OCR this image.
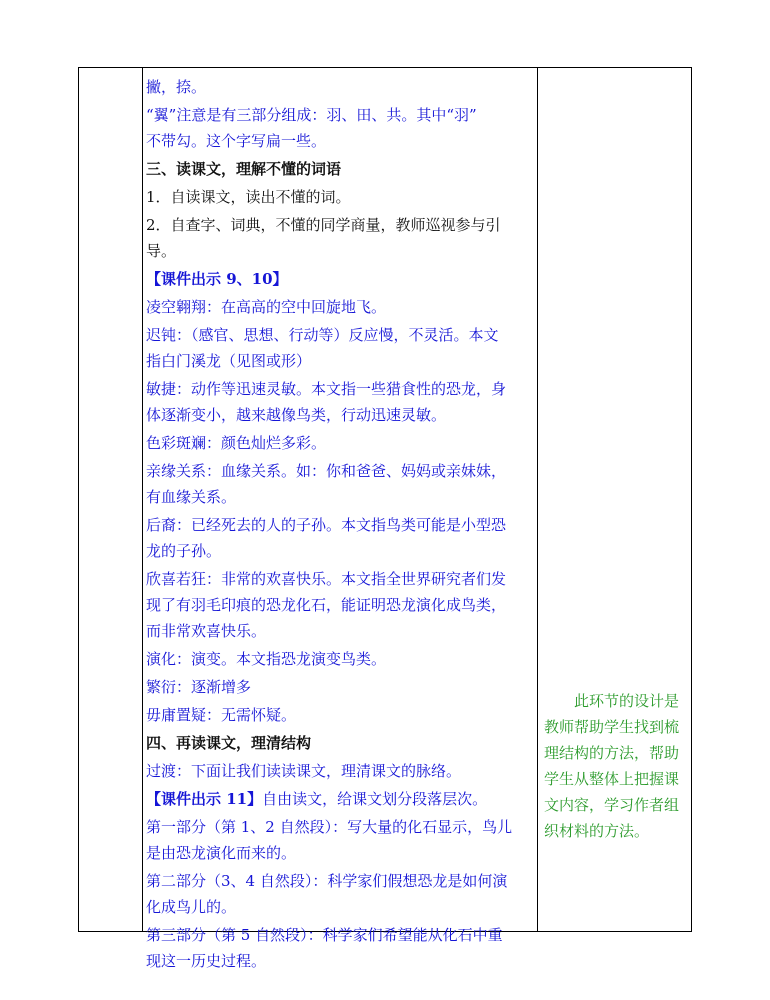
撇，捺。
“翼”注意是有三部分组成：羽、田、共。其中“羽”
不带勾。这个字写扁一些。
三、读课文，理解不懂的词语
1．自读课文，读出不懂的词。
2．自查字、词典，不懂的同学商量，教师巡视参与引
导。
【课件出示 9、10】
凌空翱翔：在高高的空中回旋地飞。
迟钝：（感官、思想、行动等）反应慢，不灵活。本文
指白门溪龙（见图或形）
敏捷：动作等迅速灵敏。本文指一些猎食性的恐龙，身
体逐渐变小，越来越像鸟类，行动迅速灵敏。
色彩斑斓：颜色灿烂多彩。
亲缘关系：血缘关系。如：你和爸爸、妈妈或亲妹妹，
有血缘关系。
后裔：已经死去的人的子孙。本文指鸟类可能是小型恐
龙的子孙。
欣喜若狂：非常的欢喜快乐。本文指全世界研究者们发
现了有羽毛印痕的恐龙化石，能证明恐龙演化成鸟类，
而非常欢喜快乐。
演化：演变。本文指恐龙演变鸟类。
繁衍：逐渐增多
毋庸置疑：无需怀疑。
四、再读课文，理清结构
过渡：下面让我们读读课文，理清课文的脉络。
【课件出示 11】自由读文，给课文划分段落层次。
第一部分（第 1、2 自然段）：写大量的化石显示，鸟儿
是由恐龙演化而来的。
第二部分（3、4 自然段）：科学家们假想恐龙是如何演
化成鸟儿的。
第三部分（第 5 自然段）：科学家们希望能从化石中重
现这一历史过程。
此环节的设计是
教师帮助学生找到梳
理结构的方法，帮助
学生从整体上把握课
文内容，学习作者组
织材料的方法。
